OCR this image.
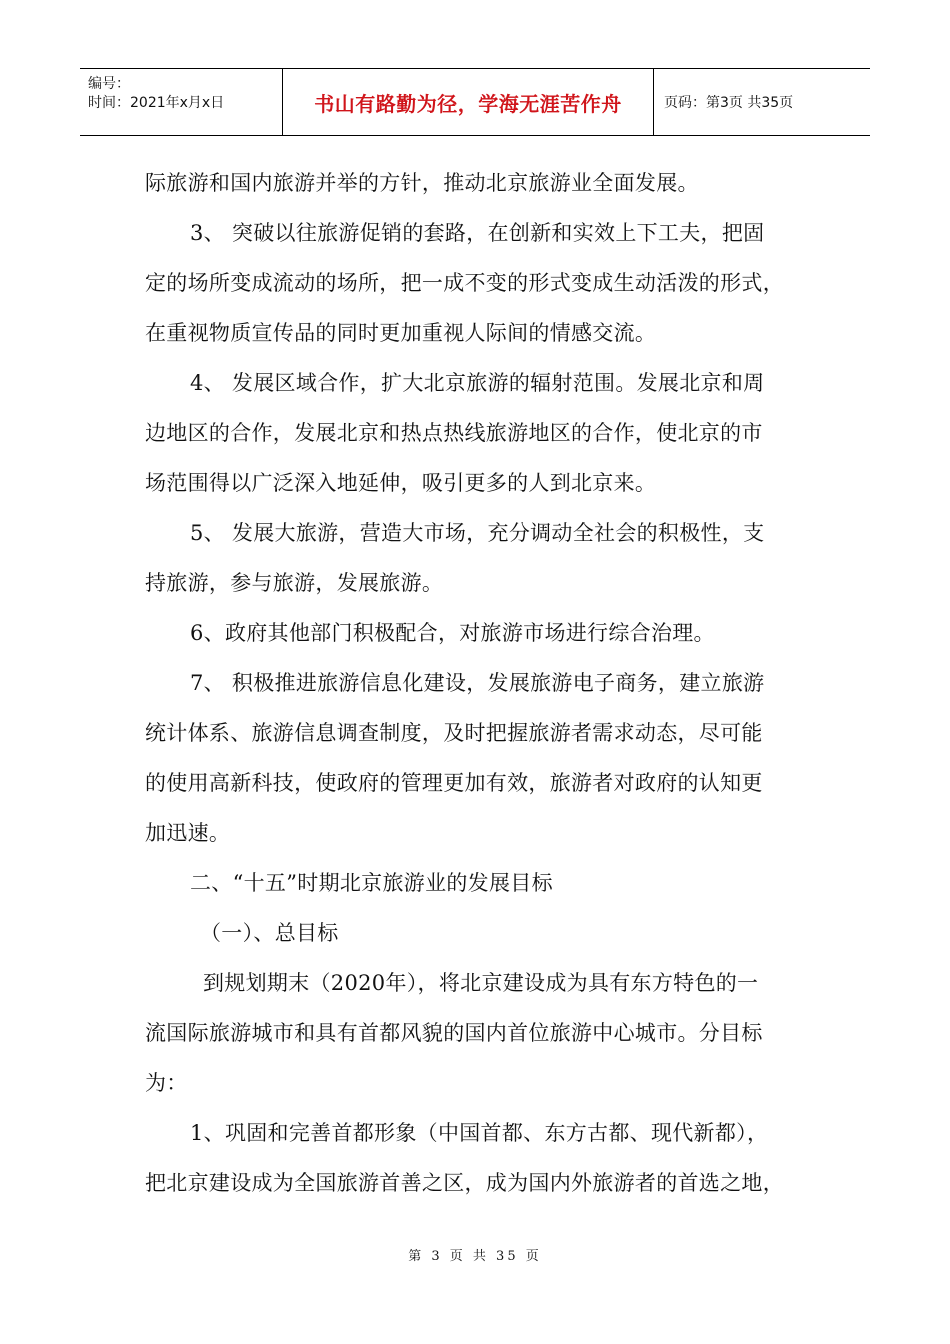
编号：
时间：2021年x月x日	书山有路勤为径，学海无涯苦作舟	页码：第3页 共35页
际旅游和国内旅游并举的方针，推动北京旅游业全面发展。
3、 突破以往旅游促销的套路，在创新和实效上下工夫，把固
定的场所变成流动的场所，把一成不变的形式变成生动活泼的形式，
在重视物质宣传品的同时更加重视人际间的情感交流。
4、 发展区域合作，扩大北京旅游的辐射范围。发展北京和周
边地区的合作，发展北京和热点热线旅游地区的合作，使北京的市
场范围得以广泛深入地延伸，吸引更多的人到北京来。
5、 发展大旅游，营造大市场，充分调动全社会的积极性，支
持旅游，参与旅游，发展旅游。
6、政府其他部门积极配合，对旅游市场进行综合治理。
7、 积极推进旅游信息化建设，发展旅游电子商务，建立旅游
统计体系、旅游信息调查制度，及时把握旅游者需求动态，尽可能
的使用高新科技，使政府的管理更加有效，旅游者对政府的认知更
加迅速。
二、“十五”时期北京旅游业的发展目标
（一）、总目标
到规划期末（2020年），将北京建设成为具有东方特色的一
流国际旅游城市和具有首都风貌的国内首位旅游中心城市。分目标
为：
1、巩固和完善首都形象（中国首都、东方古都、现代新都），
把北京建设成为全国旅游首善之区，成为国内外旅游者的首选之地，
第 3 页 共 35 页
